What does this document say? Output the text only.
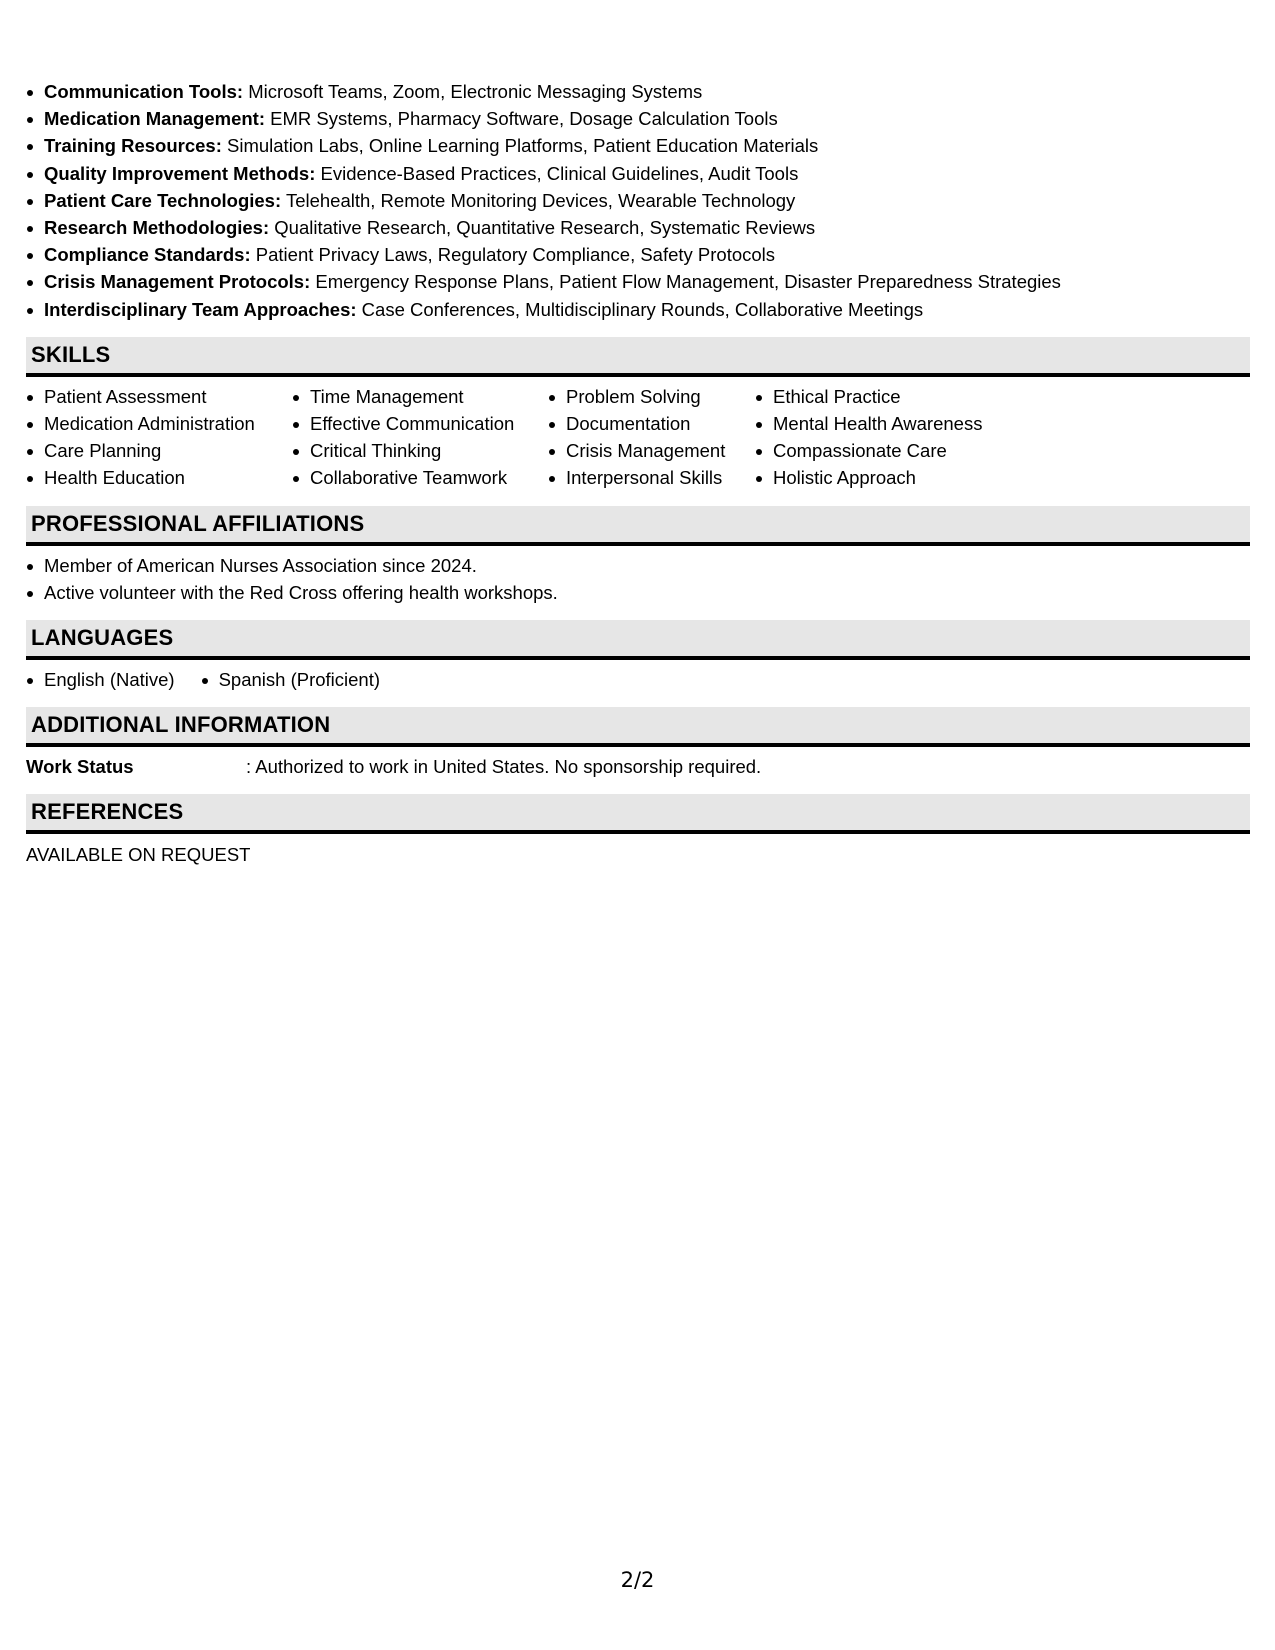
Communication Tools: Microsoft Teams, Zoom, Electronic Messaging Systems
Medication Management: EMR Systems, Pharmacy Software, Dosage Calculation Tools
Training Resources: Simulation Labs, Online Learning Platforms, Patient Education Materials
Quality Improvement Methods: Evidence-Based Practices, Clinical Guidelines, Audit Tools
Patient Care Technologies: Telehealth, Remote Monitoring Devices, Wearable Technology
Research Methodologies: Qualitative Research, Quantitative Research, Systematic Reviews
Compliance Standards: Patient Privacy Laws, Regulatory Compliance, Safety Protocols
Crisis Management Protocols: Emergency Response Plans, Patient Flow Management, Disaster Preparedness Strategies
Interdisciplinary Team Approaches: Case Conferences, Multidisciplinary Rounds, Collaborative Meetings
SKILLS
Patient Assessment
Medication Administration
Care Planning
Health Education
Time Management
Effective Communication
Critical Thinking
Collaborative Teamwork
Problem Solving
Documentation
Crisis Management
Interpersonal Skills
Ethical Practice
Mental Health Awareness
Compassionate Care
Holistic Approach
PROFESSIONAL AFFILIATIONS
Member of American Nurses Association since 2024.
Active volunteer with the Red Cross offering health workshops.
LANGUAGES
English (Native)	Spanish (Proficient)
ADDITIONAL INFORMATION
Work Status	: Authorized to work in United States. No sponsorship required.
REFERENCES
AVAILABLE ON REQUEST
2/2
